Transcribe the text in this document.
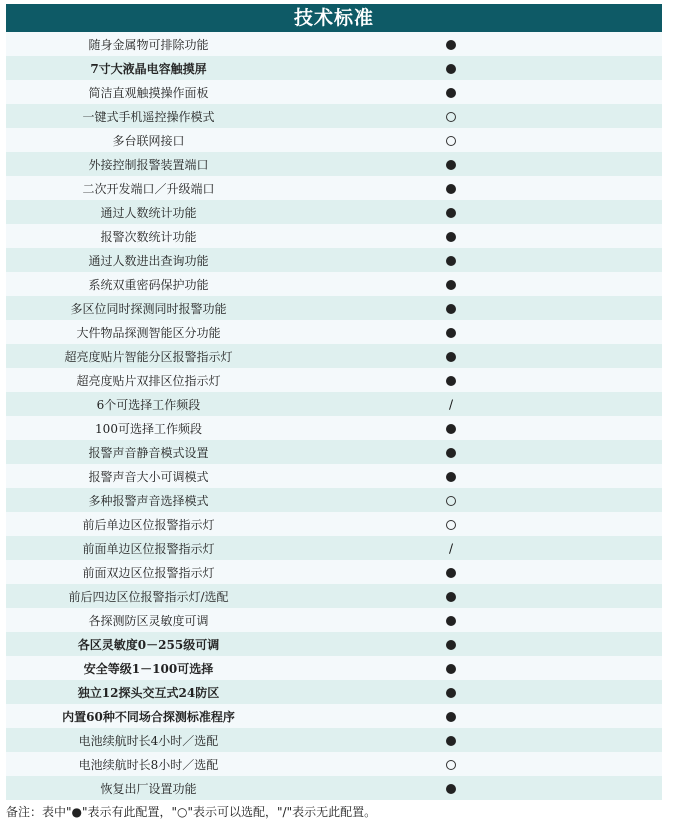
技术标准
随身金属物可排除功能
7寸大液晶电容触摸屏
简洁直观触摸操作面板
一键式手机遥控操作模式
多台联网接口
外接控制报警装置端口
二次开发端口／升级端口
通过人数统计功能
报警次数统计功能
通过人数进出查询功能
系统双重密码保护功能
多区位同时探测同时报警功能
大件物品探测智能区分功能
超亮度贴片智能分区报警指示灯
超亮度贴片双排区位指示灯
6个可选择工作频段	/
100可选择工作频段
报警声音静音模式设置
报警声音大小可调模式
多种报警声音选择模式
前后单边区位报警指示灯
前面单边区位报警指示灯	/
前面双边区位报警指示灯
前后四边区位报警指示灯/选配
各探测防区灵敏度可调
各区灵敏度0－255级可调
安全等级1－100可选择
独立12探头交互式24防区
内置60种不同场合探测标准程序
电池续航时长4小时／选配
电池续航时长8小时／选配
恢复出厂设置功能
备注：表中"●"表示有此配置，"○"表示可以选配，"/"表示无此配置。
